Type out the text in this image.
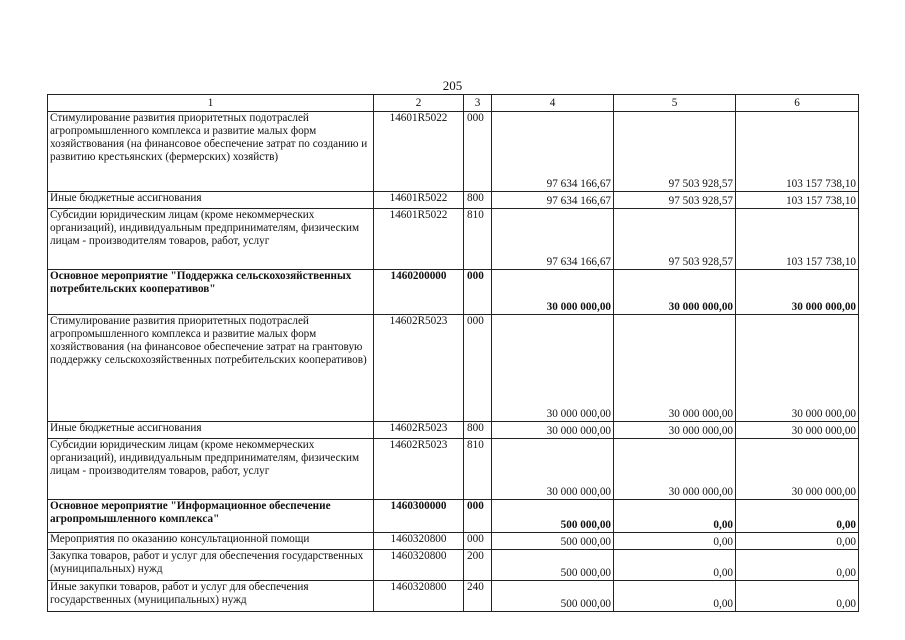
205
1	2	3	4	5	6
Стимулирование развития приоритетных подотраслей агропромышленного комплекса и развитие малых форм хозяйствования (на финансовое обеспечение затрат по созданию и развитию крестьянских (фермерских) хозяйств)	14601R5022	000	97 634 166,67	97 503 928,57	103 157 738,10
Иные бюджетные ассигнования	14601R5022	800	97 634 166,67	97 503 928,57	103 157 738,10
Субсидии юридическим лицам (кроме некоммерческих организаций), индивидуальным предпринимателям, физическим лицам - производителям товаров, работ, услуг	14601R5022	810	97 634 166,67	97 503 928,57	103 157 738,10
Основное мероприятие "Поддержка сельскохозяйственных потребительских кооперативов"	1460200000	000	30 000 000,00	30 000 000,00	30 000 000,00
Стимулирование развития приоритетных подотраслей агропромышленного комплекса и развитие малых форм хозяйствования (на финансовое обеспечение затрат на грантовую поддержку сельскохозяйственных потребительских кооперативов)	14602R5023	000	30 000 000,00	30 000 000,00	30 000 000,00
Иные бюджетные ассигнования	14602R5023	800	30 000 000,00	30 000 000,00	30 000 000,00
Субсидии юридическим лицам (кроме некоммерческих организаций), индивидуальным предпринимателям, физическим лицам - производителям товаров, работ, услуг	14602R5023	810	30 000 000,00	30 000 000,00	30 000 000,00
Основное мероприятие "Информационное обеспечение агропромышленного комплекса"	1460300000	000	500 000,00	0,00	0,00
Мероприятия по оказанию консультационной помощи	1460320800	000	500 000,00	0,00	0,00
Закупка товаров, работ и услуг для обеспечения государственных (муниципальных) нужд	1460320800	200	500 000,00	0,00	0,00
Иные закупки товаров, работ и услуг для обеспечения государственных (муниципальных) нужд	1460320800	240	500 000,00	0,00	0,00
